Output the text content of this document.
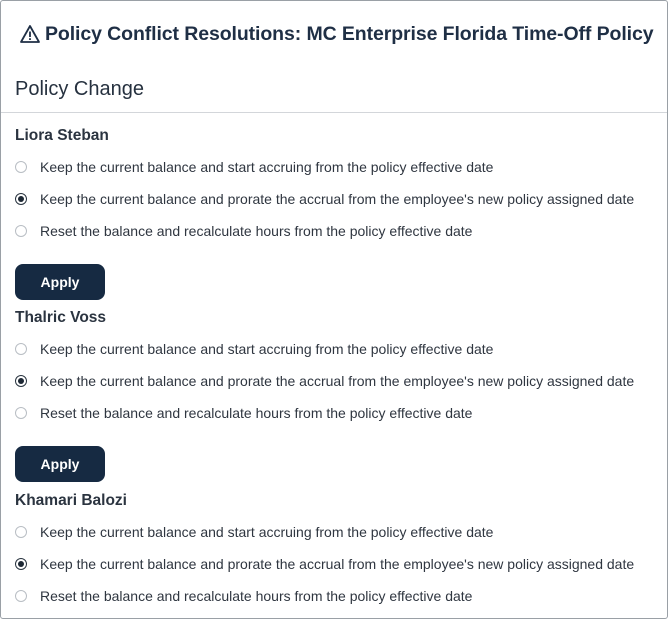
Policy Conflict Resolutions: MC Enterprise Florida Time-Off Policy
Policy Change
Liora Steban
Keep the current balance and start accruing from the policy effective date
Keep the current balance and prorate the accrual from the employee's new policy assigned date
Reset the balance and recalculate hours from the policy effective date
Apply
Thalric Voss
Keep the current balance and start accruing from the policy effective date
Keep the current balance and prorate the accrual from the employee's new policy assigned date
Reset the balance and recalculate hours from the policy effective date
Apply
Khamari Balozi
Keep the current balance and start accruing from the policy effective date
Keep the current balance and prorate the accrual from the employee's new policy assigned date
Reset the balance and recalculate hours from the policy effective date
